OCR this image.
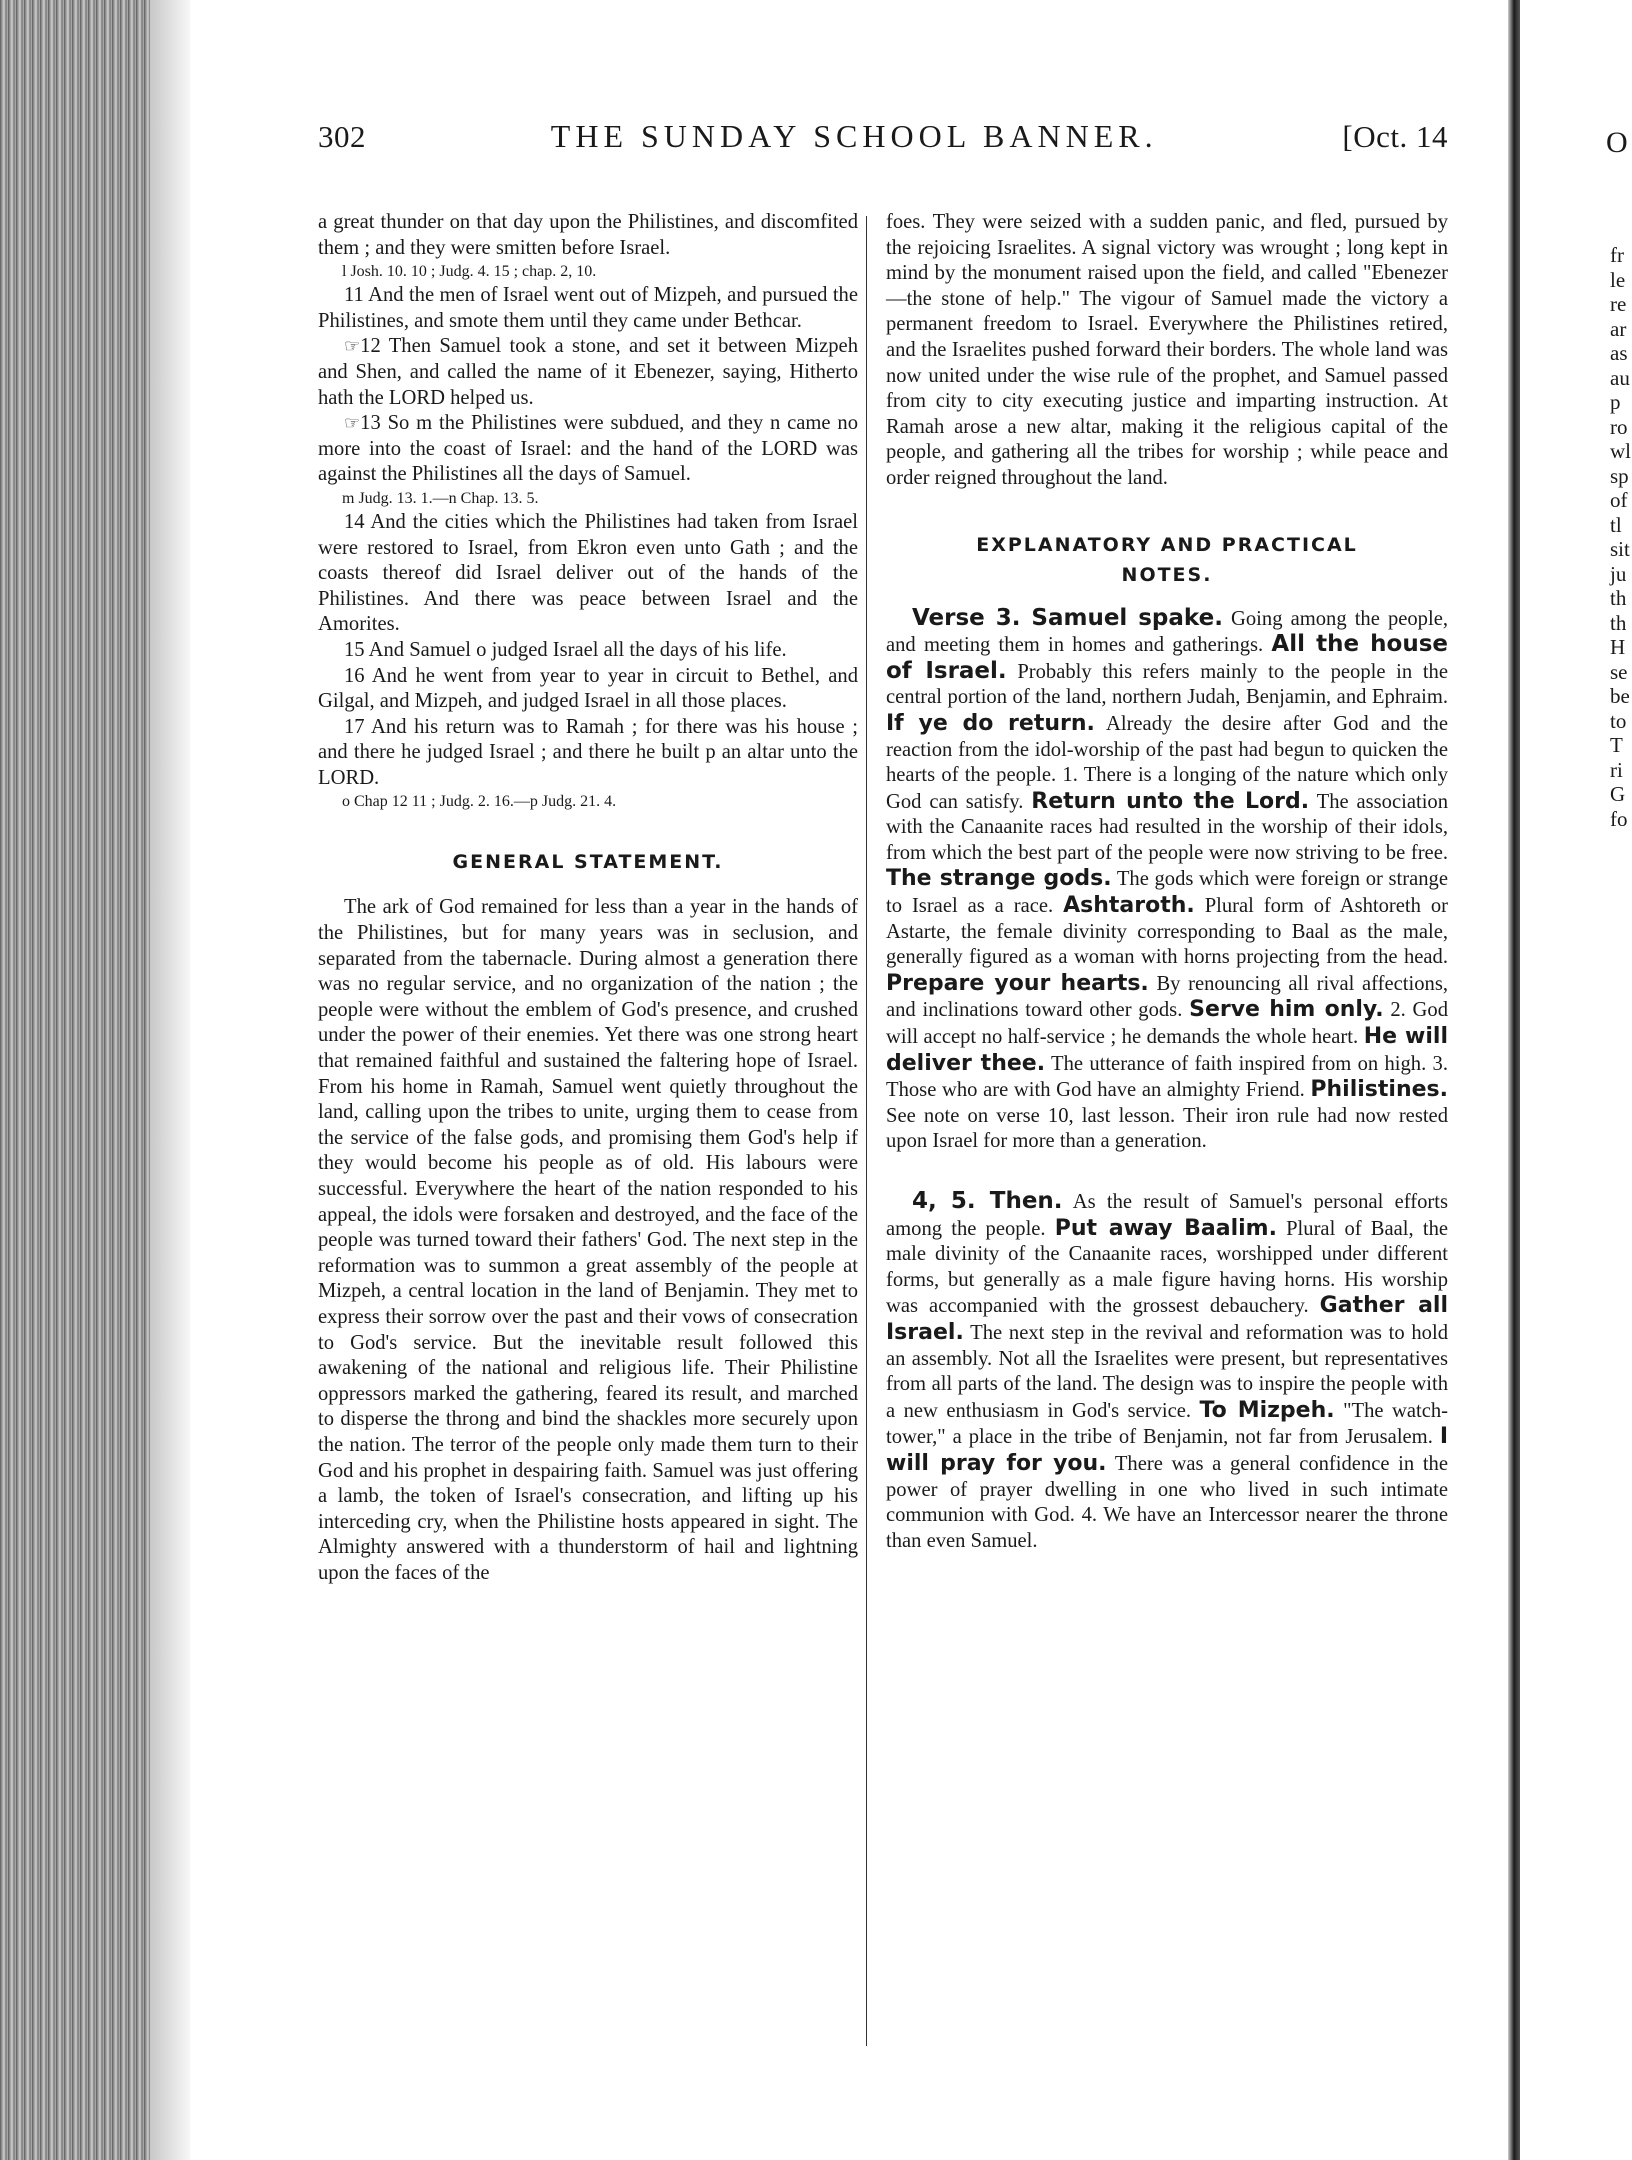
302	THE SUNDAY SCHOOL BANNER.	[Oct. 14

a great thunder on that day upon the Philistines, and discomfited them ; and they were smitten before Israel.

l Josh. 10. 10 ; Judg. 4. 15 ; chap. 2, 10.

11 And the men of Israel went out of Mizpeh, and pursued the Philistines, and smote them until they came under Bethcar.

☞12 Then Samuel took a stone, and set it between Mizpeh and Shen, and called the name of it Ebenezer, saying, Hitherto hath the LORD helped us.

☞13 So m the Philistines were subdued, and they n came no more into the coast of Israel: and the hand of the LORD was against the Philistines all the days of Samuel.

m Judg. 13. 1.—n Chap. 13. 5.

14 And the cities which the Philistines had taken from Israel were restored to Israel, from Ekron even unto Gath ; and the coasts thereof did Israel deliver out of the hands of the Philistines. And there was peace between Israel and the Amorites.

15 And Samuel o judged Israel all the days of his life.

16 And he went from year to year in circuit to Bethel, and Gilgal, and Mizpeh, and judged Israel in all those places.

17 And his return was to Ramah ; for there was his house ; and there he judged Israel ; and there he built p an altar unto the LORD.

o Chap 12 11 ; Judg. 2. 16.—p Judg. 21. 4.

GENERAL STATEMENT.

The ark of God remained for less than a year in the hands of the Philistines, but for many years was in seclusion, and separated from the tabernacle. During almost a generation there was no regular service, and no organization of the nation ; the people were without the emblem of God's presence, and crushed under the power of their enemies. Yet there was one strong heart that remained faithful and sustained the faltering hope of Israel. From his home in Ramah, Samuel went quietly throughout the land, calling upon the tribes to unite, urging them to cease from the service of the false gods, and promising them God's help if they would become his people as of old. His labours were successful. Everywhere the heart of the nation responded to his appeal, the idols were forsaken and destroyed, and the face of the people was turned toward their fathers' God. The next step in the reformation was to summon a great assembly of the people at Mizpeh, a central location in the land of Benjamin. They met to express their sorrow over the past and their vows of consecration to God's service. But the inevitable result followed this awakening of the national and religious life. Their Philistine oppressors marked the gathering, feared its result, and marched to disperse the throng and bind the shackles more securely upon the nation. The terror of the people only made them turn to their God and his prophet in despairing faith. Samuel was just offering a lamb, the token of Israel's consecration, and lifting up his interceding cry, when the Philistine hosts appeared in sight. The Almighty answered with a thunderstorm of hail and lightning upon the faces of the

foes. They were seized with a sudden panic, and fled, pursued by the rejoicing Israelites. A signal victory was wrought ; long kept in mind by the monument raised upon the field, and called "Ebenezer—the stone of help." The vigour of Samuel made the victory a permanent freedom to Israel. Everywhere the Philistines retired, and the Israelites pushed forward their borders. The whole land was now united under the wise rule of the prophet, and Samuel passed from city to city executing justice and imparting instruction. At Ramah arose a new altar, making it the religious capital of the people, and gathering all the tribes for worship ; while peace and order reigned throughout the land.

EXPLANATORY AND PRACTICAL

NOTES.

Verse 3. Samuel spake. Going among the people, and meeting them in homes and gatherings. All the house of Israel. Probably this refers mainly to the people in the central portion of the land, northern Judah, Benjamin, and Ephraim. If ye do return. Already the desire after God and the reaction from the idol-worship of the past had begun to quicken the hearts of the people. 1. There is a longing of the nature which only God can satisfy. Return unto the Lord. The association with the Canaanite races had resulted in the worship of their idols, from which the best part of the people were now striving to be free. The strange gods. The gods which were foreign or strange to Israel as a race. Ashtaroth. Plural form of Ashtoreth or Astarte, the female divinity corresponding to Baal as the male, generally figured as a woman with horns projecting from the head. Prepare your hearts. By renouncing all rival affections, and inclinations toward other gods. Serve him only. 2. God will accept no half-service ; he demands the whole heart. He will deliver thee. The utterance of faith inspired from on high. 3. Those who are with God have an almighty Friend. Philistines. See note on verse 10, last lesson. Their iron rule had now rested upon Israel for more than a generation.

4, 5. Then. As the result of Samuel's personal efforts among the people. Put away Baalim. Plural of Baal, the male divinity of the Canaanite races, worshipped under different forms, but generally as a male figure having horns. His worship was accompanied with the grossest debauchery. Gather all Israel. The next step in the revival and reformation was to hold an assembly. Not all the Israelites were present, but representatives from all parts of the land. The design was to inspire the people with a new enthusiasm in God's service. To Mizpeh. "The watch-tower," a place in the tribe of Benjamin, not far from Jerusalem. I will pray for you. There was a general confidence in the power of prayer dwelling in one who lived in such intimate communion with God. 4. We have an Intercessor nearer the throne than even Samuel.

O
fr
le
re
ar
as
au
p
ro
wl
sp
of
tl
sit
ju
th
th
H
se
be
to
T
ri
G
fo
